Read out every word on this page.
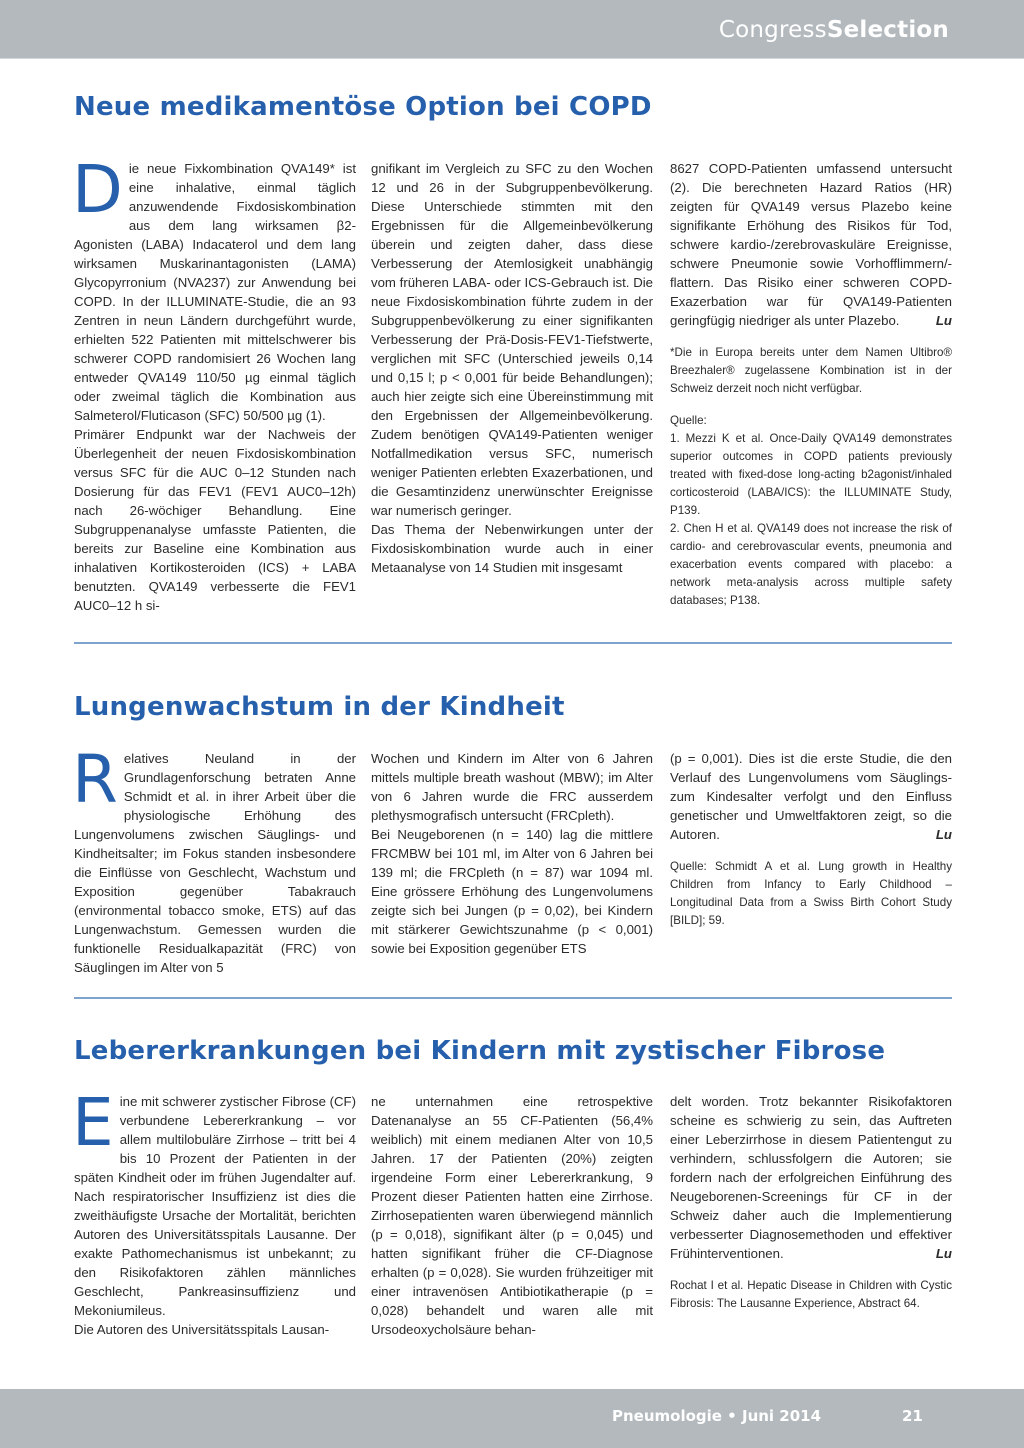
CongressSelection
Neue medikamentöse Option bei COPD

Die neue Fixkombination QVA149* ist eine inhalative, einmal täglich anzuwendende Fixdosiskombination aus dem lang wirksamen β2-Agonisten (LABA) Indacaterol und dem lang wirksamen Muskarinantagonisten (LAMA) Glycopyrronium (NVA237) zur Anwendung bei COPD. In der ILLUMINATE-Studie, die an 93 Zentren in neun Ländern durchgeführt wurde, erhielten 522 Patienten mit mittelschwerer bis schwerer COPD randomisiert 26 Wochen lang entweder QVA149 110/50 µg einmal täglich oder zweimal täglich die Kombination aus Salmeterol/Fluticason (SFC) 50/500 µg (1).

Primärer Endpunkt war der Nachweis der Überlegenheit der neuen Fixdosiskombination versus SFC für die AUC 0–12 Stunden nach Dosierung für das FEV1 (FEV1 AUC0–12h) nach 26-wöchiger Behandlung. Eine Subgruppenanalyse umfasste Patienten, die bereits zur Baseline eine Kombination aus inhalativen Kortikosteroiden (ICS) + LABA benutzten. QVA149 verbesserte die FEV1 AUC0–12 h si-

gnifikant im Vergleich zu SFC zu den Wochen 12 und 26 in der Subgruppenbevölkerung. Diese Unterschiede stimmten mit den Ergebnissen für die Allgemeinbevölkerung überein und zeigten daher, dass diese Verbesserung der Atemlosigkeit unabhängig vom früheren LABA- oder ICS-Gebrauch ist. Die neue Fixdosiskombination führte zudem in der Subgruppenbevölkerung zu einer signifikanten Verbesserung der Prä-Dosis-FEV1-Tiefstwerte, verglichen mit SFC (Unterschied jeweils 0,14 und 0,15 l; p < 0,001 für beide Behandlungen); auch hier zeigte sich eine Übereinstimmung mit den Ergebnissen der Allgemeinbevölkerung. Zudem benötigen QVA149-Patienten weniger Notfallmedikation versus SFC, numerisch weniger Patienten erlebten Exazerbationen, und die Gesamtinzidenz unerwünschter Ereignisse war numerisch geringer.

Das Thema der Nebenwirkungen unter der Fixdosiskombination wurde auch in einer Metaanalyse von 14 Studien mit insgesamt

8627 COPD-Patienten umfassend untersucht (2). Die berechneten Hazard Ratios (HR) zeigten für QVA149 versus Plazebo keine signifikante Erhöhung des Risikos für Tod, schwere kardio-/zerebrovaskuläre Ereignisse, schwere Pneumonie sowie Vorhofflimmern/-flattern. Das Risiko einer schweren COPD-Exazerbation war für QVA149-Patienten geringfügig niedriger als unter Plazebo.	Lu

*Die in Europa bereits unter dem Namen Ultibro® Breezhaler® zugelassene Kombination ist in der Schweiz derzeit noch nicht verfügbar.

Quelle:

1. Mezzi K et al. Once-Daily QVA149 demonstrates superior outcomes in COPD patients previously treated with fixed-dose long-acting b2agonist/inhaled corticosteroid (LABA/ICS): the ILLUMINATE Study, P139.

2. Chen H et al. QVA149 does not increase the risk of cardio- and cerebrovascular events, pneumonia and exacerbation events compared with placebo: a network meta-analysis across multiple safety databases; P138.

Lungenwachstum in der Kindheit

Relatives Neuland in der Grundlagenforschung betraten Anne Schmidt et al. in ihrer Arbeit über die physiologische Erhöhung des Lungenvolumens zwischen Säuglings- und Kindheitsalter; im Fokus standen insbesondere die Einflüsse von Geschlecht, Wachstum und Exposition gegenüber Tabakrauch (environmental tobacco smoke, ETS) auf das Lungenwachstum. Gemessen wurden die funktionelle Residualkapazität (FRC) von Säuglingen im Alter von 5

Wochen und Kindern im Alter von 6 Jahren mittels multiple breath washout (MBW); im Alter von 6 Jahren wurde die FRC ausserdem plethysmografisch untersucht (FRCpleth).

Bei Neugeborenen (n = 140) lag die mittlere FRCMBW bei 101 ml, im Alter von 6 Jahren bei 139 ml; die FRCpleth (n = 87) war 1094 ml. Eine grössere Erhöhung des Lungenvolumens zeigte sich bei Jungen (p = 0,02), bei Kindern mit stärkerer Gewichtszunahme (p < 0,001) sowie bei Exposition gegenüber ETS

(p = 0,001). Dies ist die erste Studie, die den Verlauf des Lungenvolumens vom Säuglings- zum Kindesalter verfolgt und den Einfluss genetischer und Umweltfaktoren zeigt, so die Autoren.	Lu

Quelle: Schmidt A et al. Lung growth in Healthy Children from Infancy to Early Childhood – Longitudinal Data from a Swiss Birth Cohort Study [BILD]; 59.

Lebererkrankungen bei Kindern mit zystischer Fibrose

Eine mit schwerer zystischer Fibrose (CF) verbundene Lebererkrankung – vor allem multilobuläre Zirrhose – tritt bei 4 bis 10 Prozent der Patienten in der späten Kindheit oder im frühen Jugendalter auf. Nach respiratorischer Insuffizienz ist dies die zweithäufigste Ursache der Mortalität, berichten Autoren des Universitätsspitals Lausanne. Der exakte Pathomechanismus ist unbekannt; zu den Risikofaktoren zählen männliches Geschlecht, Pankreasinsuffizienz und Mekoniumileus.

Die Autoren des Universitätsspitals Lausan-

ne unternahmen eine retrospektive Datenanalyse an 55 CF-Patienten (56,4% weiblich) mit einem medianen Alter von 10,5 Jahren. 17 der Patienten (20%) zeigten irgendeine Form einer Lebererkrankung, 9 Prozent dieser Patienten hatten eine Zirrhose. Zirrhosepatienten waren überwiegend männlich (p = 0,018), signifikant älter (p = 0,045) und hatten signifikant früher die CF-Diagnose erhalten (p = 0,028). Sie wurden frühzeitiger mit einer intravenösen Antibiotikatherapie (p = 0,028) behandelt und waren alle mit Ursodeoxycholsäure behan-

delt worden. Trotz bekannter Risikofaktoren scheine es schwierig zu sein, das Auftreten einer Leberzirrhose in diesem Patientengut zu verhindern, schlussfolgern die Autoren; sie fordern nach der erfolgreichen Einführung des Neugeborenen-Screenings für CF in der Schweiz daher auch die Implementierung verbesserter Diagnosemethoden und effektiver Frühinterventionen.	Lu

Rochat I et al. Hepatic Disease in Children with Cystic Fibrosis: The Lausanne Experience, Abstract 64.

Pneumologie • Juni 2014	21
